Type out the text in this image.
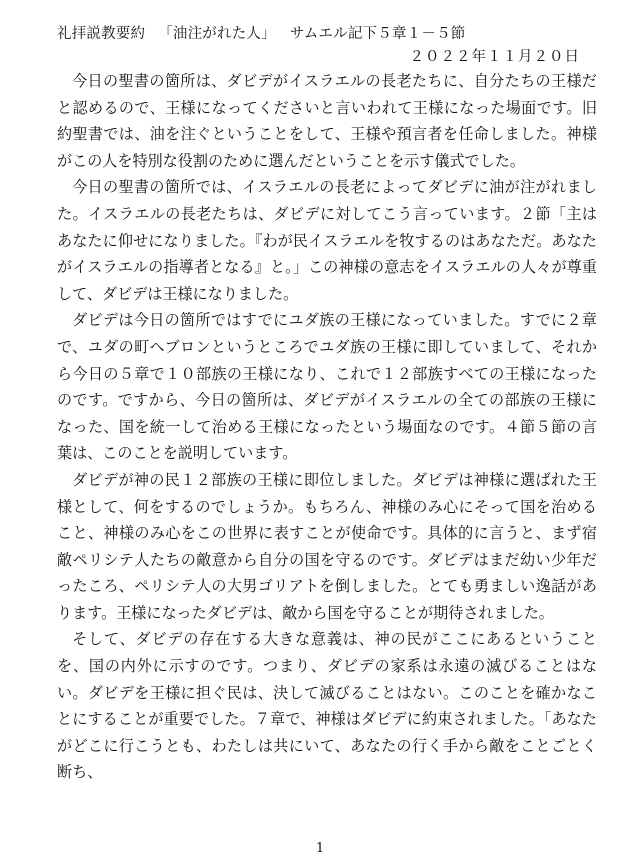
礼拝説教要約 「油注がれた人」 サムエル記下５章１－５節
２０２２年１１月２０日

今日の聖書の箇所は、ダビデがイスラエルの長老たちに、自分たちの王様だと認めるので、王様になってくださいと言いわれて王様になった場面です。旧約聖書では、油を注ぐということをして、王様や預言者を任命しました。神様がこの人を特別な役割のために選んだということを示す儀式でした。

今日の聖書の箇所では、イスラエルの長老によってダビデに油が注がれました。イスラエルの長老たちは、ダビデに対してこう言っています。２節「主はあなたに仰せになりました。『わが民イスラエルを牧するのはあなただ。あなたがイスラエルの指導者となる』と。」この神様の意志をイスラエルの人々が尊重して、ダビデは王様になりました。

ダビデは今日の箇所ではすでにユダ族の王様になっていました。すでに２章で、ユダの町ヘブロンというところでユダ族の王様に即していまして、それから今日の５章で１０部族の王様になり、これで１２部族すべての王様になったのです。ですから、今日の箇所は、ダビデがイスラエルの全ての部族の王様になった、国を統一して治める王様になったという場面なのです。４節５節の言葉は、このことを説明しています。

ダビデが神の民１２部族の王様に即位しました。ダビデは神様に選ばれた王様として、何をするのでしょうか。もちろん、神様のみ心にそって国を治めること、神様のみ心をこの世界に表すことが使命です。具体的に言うと、まず宿敵ペリシテ人たちの敵意から自分の国を守るのです。ダビデはまだ幼い少年だったころ、ペリシテ人の大男ゴリアトを倒しました。とても勇ましい逸話があります。王様になったダビデは、敵から国を守ることが期待されました。

そして、ダビデの存在する大きな意義は、神の民がここにあるということを、国の内外に示すのです。つまり、ダビデの家系は永遠の滅びることはない。ダビデを王様に担ぐ民は、決して滅びることはない。このことを確かなことにすることが重要でした。７章で、神様はダビデに約束されました。「あなたがどこに行こうとも、わたしは共にいて、あなたの行く手から敵をことごとく断ち、

1
